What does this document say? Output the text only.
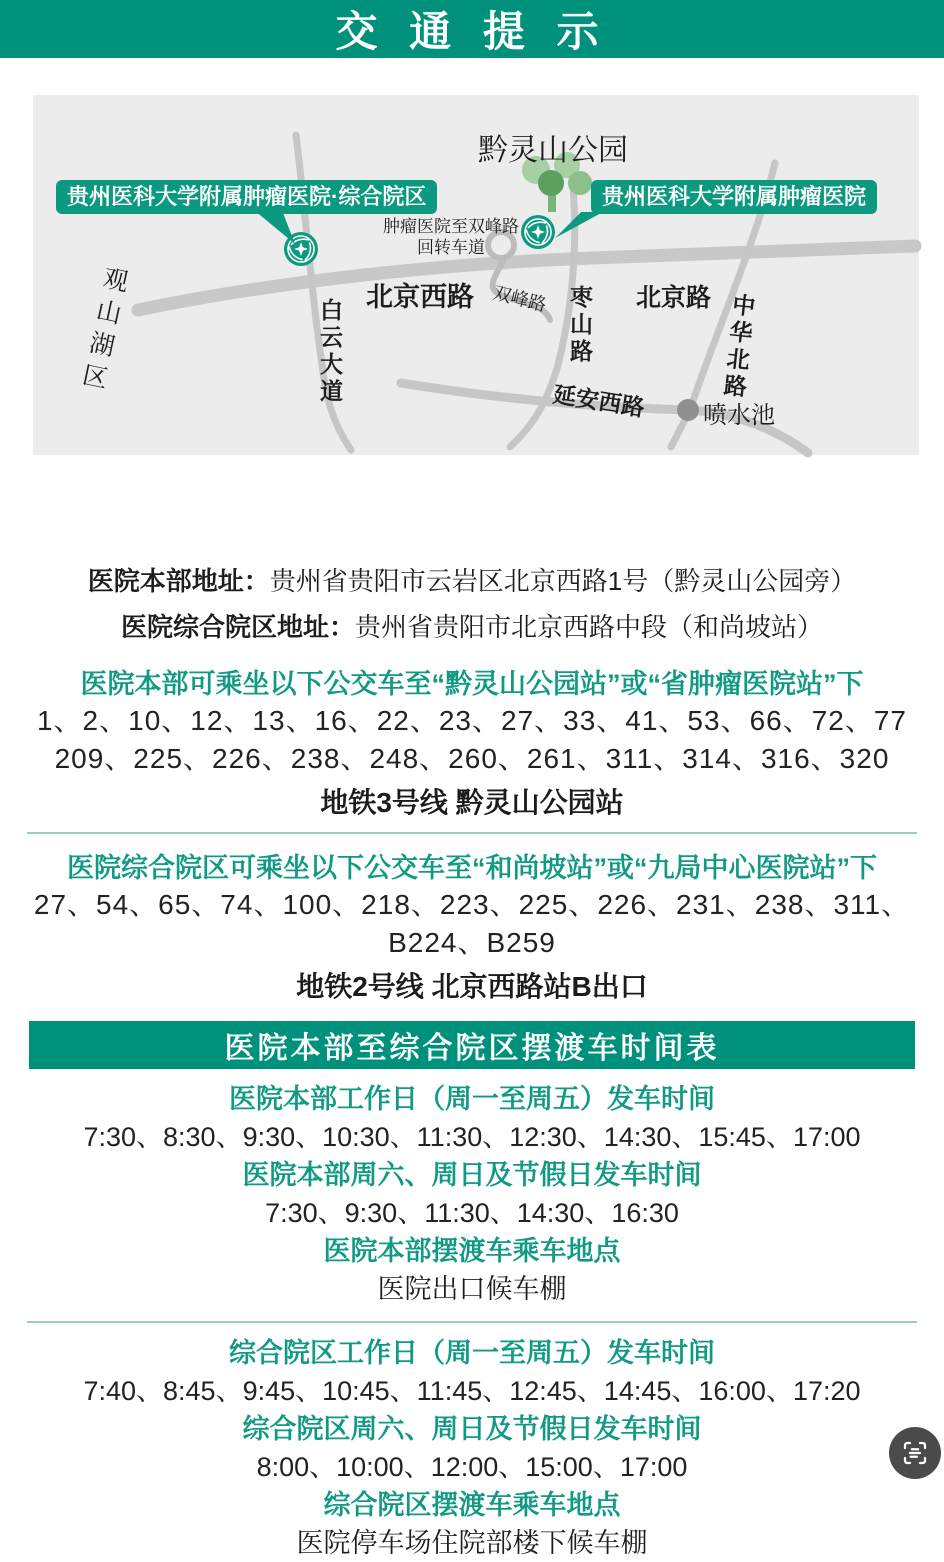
交 通 提 示
贵州医科大学附属肿瘤医院·综合院区	贵州医科大学附属肿瘤医院
黔灵山公园
肿瘤医院至双峰路
回转车道
观山湖区	白云大道
北京西路 双峰路 枣山路 北京路 中华北路
延安西路 喷水池
医院本部地址：贵州省贵阳市云岩区北京西路1号（黔灵山公园旁）
医院综合院区地址：贵州省贵阳市北京西路中段（和尚坡站）
医院本部可乘坐以下公交车至“黔灵山公园站”或“省肿瘤医院站”下
1、2、10、12、13、16、22、23、27、33、41、53、66、72、77
209、225、226、238、248、260、261、311、314、316、320
地铁3号线 黔灵山公园站
医院综合院区可乘坐以下公交车至“和尚坡站”或“九局中心医院站”下
27、54、65、74、100、218、223、225、226、231、238、311、B224、B259
地铁2号线 北京西路站B出口
医院本部至综合院区摆渡车时间表
医院本部工作日（周一至周五）发车时间
7:30、8:30、9:30、10:30、11:30、12:30、14:30、15:45、17:00
医院本部周六、周日及节假日发车时间
7:30、9:30、11:30、14:30、16:30
医院本部摆渡车乘车地点
医院出口候车棚
综合院区工作日（周一至周五）发车时间
7:40、8:45、9:45、10:45、11:45、12:45、14:45、16:00、17:20
综合院区周六、周日及节假日发车时间
8:00、10:00、12:00、15:00、17:00
综合院区摆渡车乘车地点
医院停车场住院部楼下候车棚
